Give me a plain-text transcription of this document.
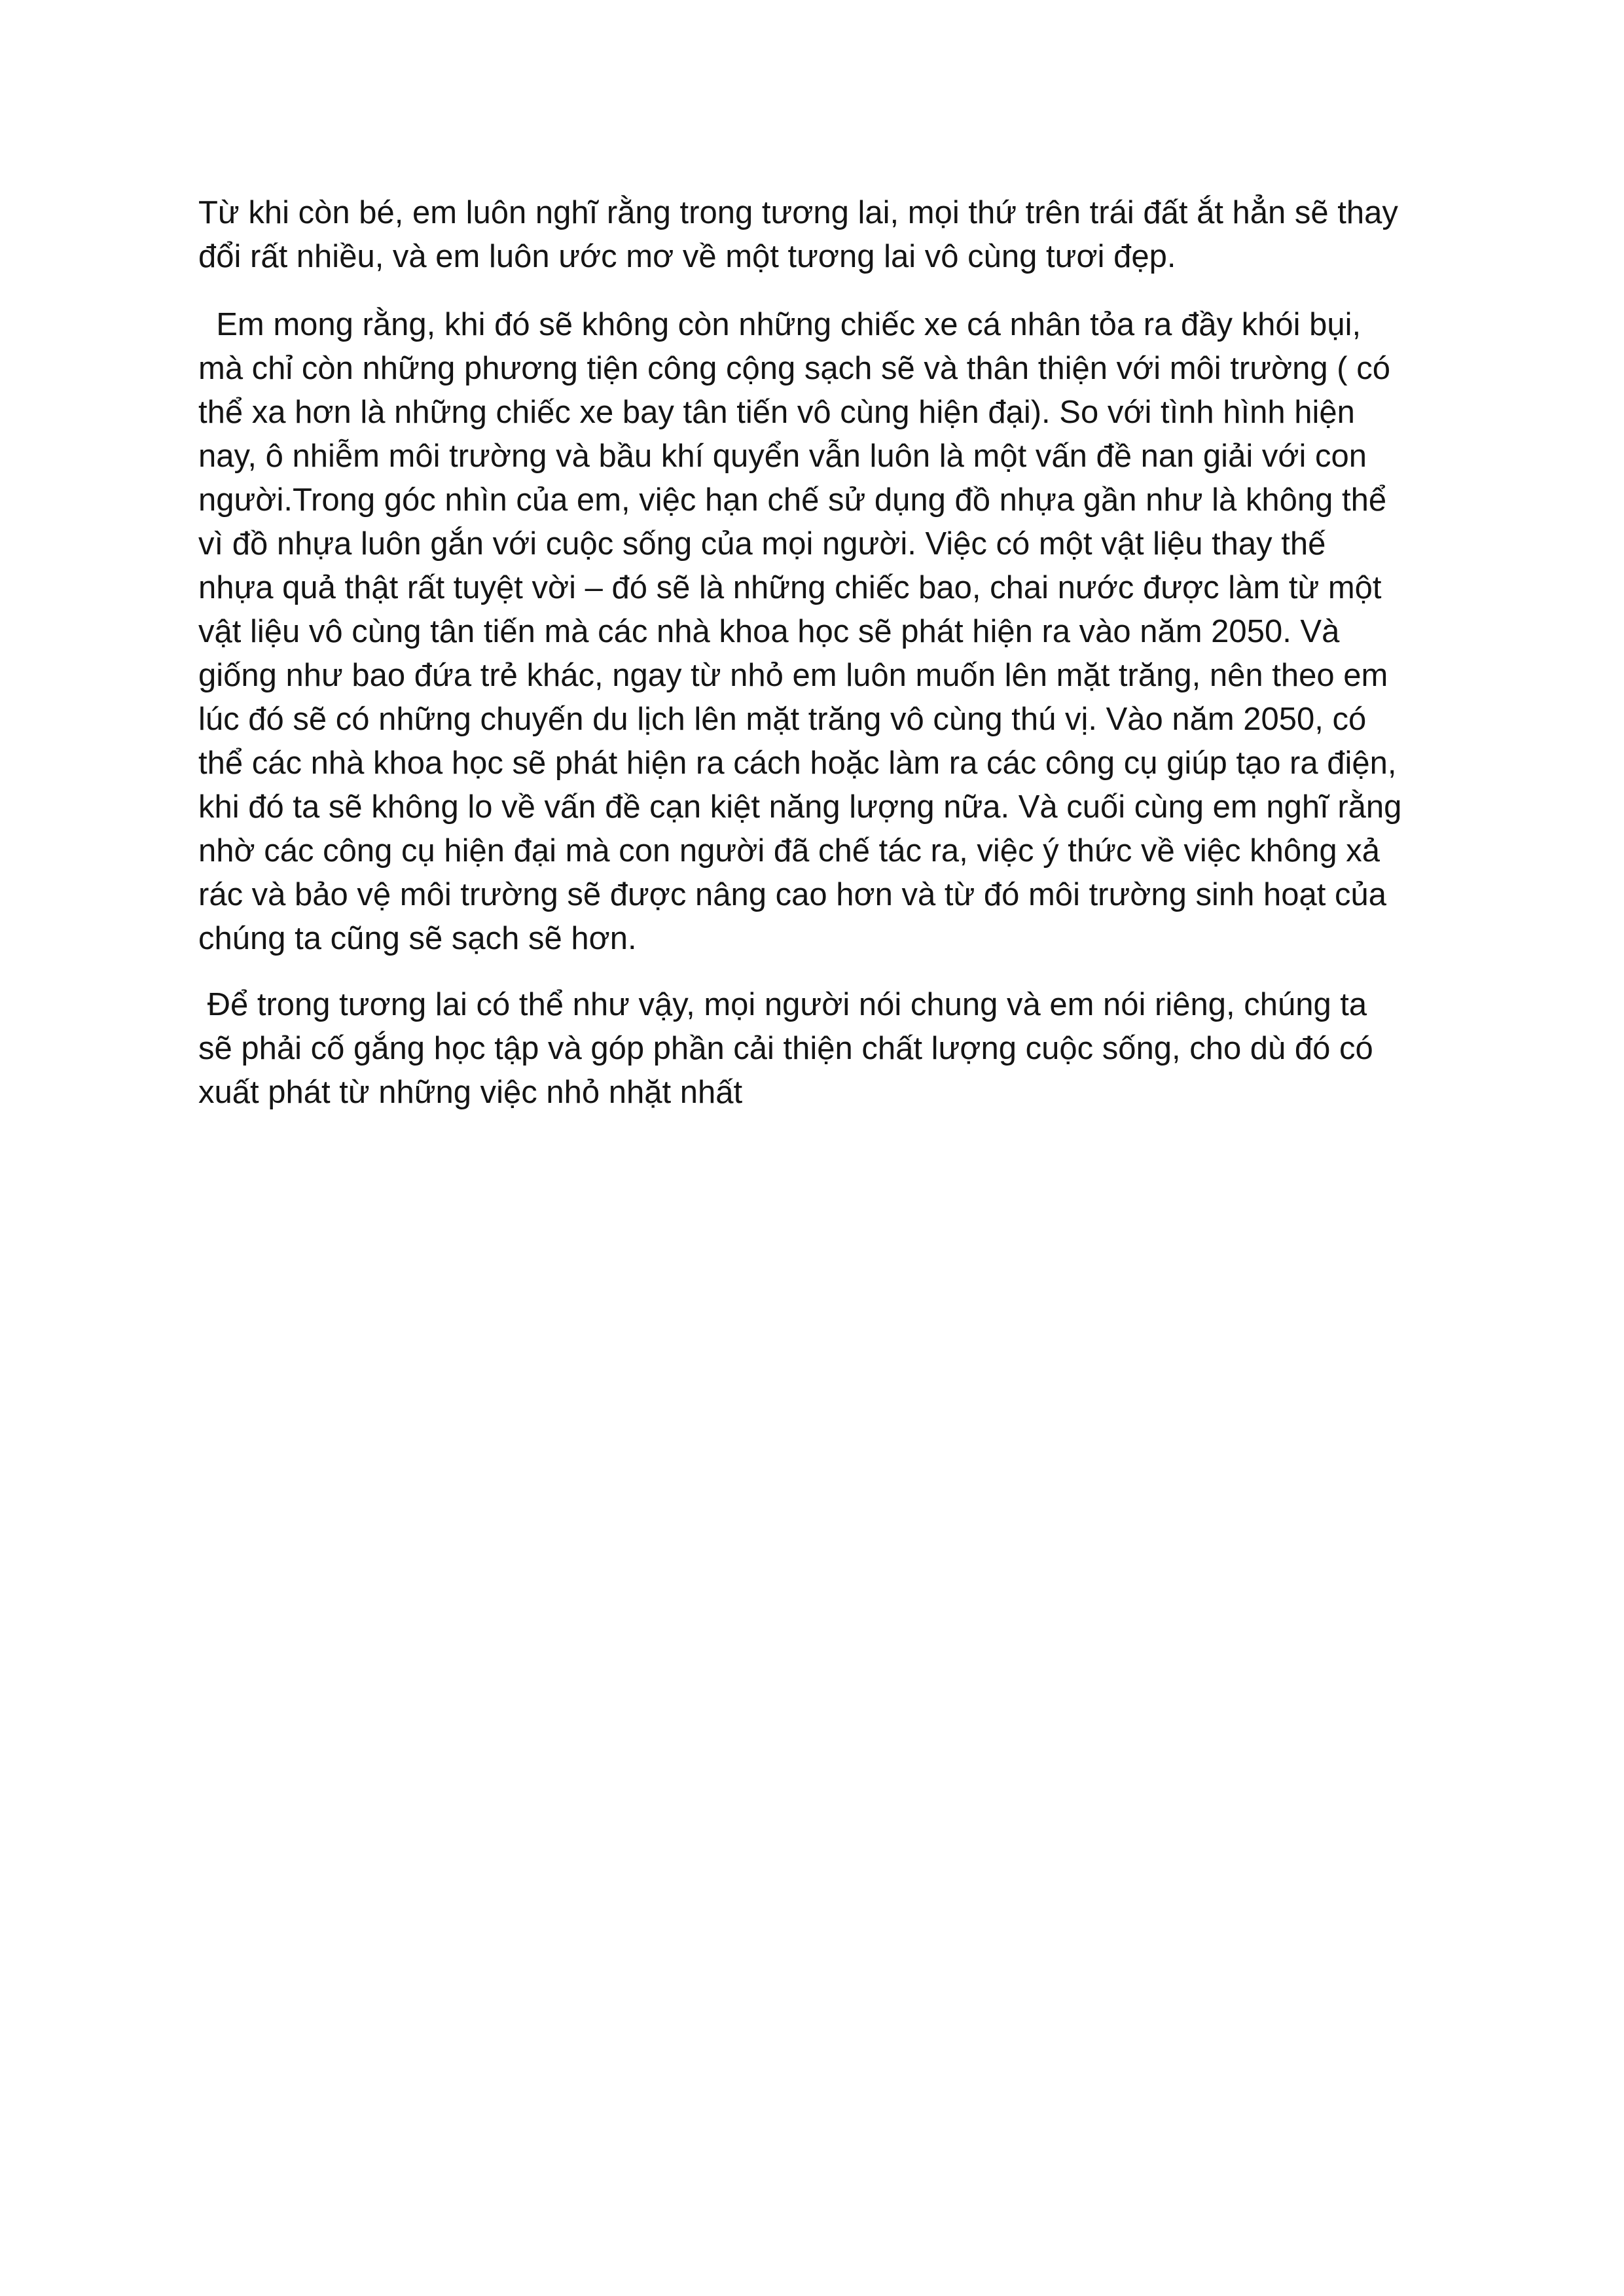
Từ khi còn bé, em luôn nghĩ rằng trong tương lai, mọi thứ trên trái đất ắt hẳn sẽ thay

đổi rất nhiều, và em luôn ước mơ về một tương lai vô cùng tươi đẹp.

Em mong rằng, khi đó sẽ không còn những chiếc xe cá nhân tỏa ra đầy khói bụi,

mà chỉ còn những phương tiện công cộng sạch sẽ và thân thiện với môi trường ( có

thể xa hơn là những chiếc xe bay tân tiến vô cùng hiện đại). So với tình hình hiện

nay, ô nhiễm môi trường và bầu khí quyển vẫn luôn là một vấn đề nan giải với con

người.Trong góc nhìn của em, việc hạn chế sử dụng đồ nhựa gần như là không thể

vì đồ nhựa luôn gắn với cuộc sống của mọi người. Việc có một vật liệu thay thế

nhựa quả thật rất tuyệt vời – đó sẽ là những chiếc bao, chai nước được làm từ một

vật liệu vô cùng tân tiến mà các nhà khoa học sẽ phát hiện ra vào năm 2050. Và

giống như bao đứa trẻ khác, ngay từ nhỏ em luôn muốn lên mặt trăng, nên theo em

lúc đó sẽ có những chuyến du lịch lên mặt trăng vô cùng thú vị. Vào năm 2050, có

thể các nhà khoa học sẽ phát hiện ra cách hoặc làm ra các công cụ giúp tạo ra điện,

khi đó ta sẽ không lo về vấn đề cạn kiệt năng lượng nữa. Và cuối cùng em nghĩ rằng

nhờ các công cụ hiện đại mà con người đã chế tác ra, việc ý thức về việc không xả

rác và bảo vệ môi trường sẽ được nâng cao hơn và từ đó môi trường sinh hoạt của

chúng ta cũng sẽ sạch sẽ hơn.

Để trong tương lai có thể như vậy, mọi người nói chung và em nói riêng, chúng ta

sẽ phải cố gắng học tập và góp phần cải thiện chất lượng cuộc sống, cho dù đó có

xuất phát từ những việc nhỏ nhặt nhất
